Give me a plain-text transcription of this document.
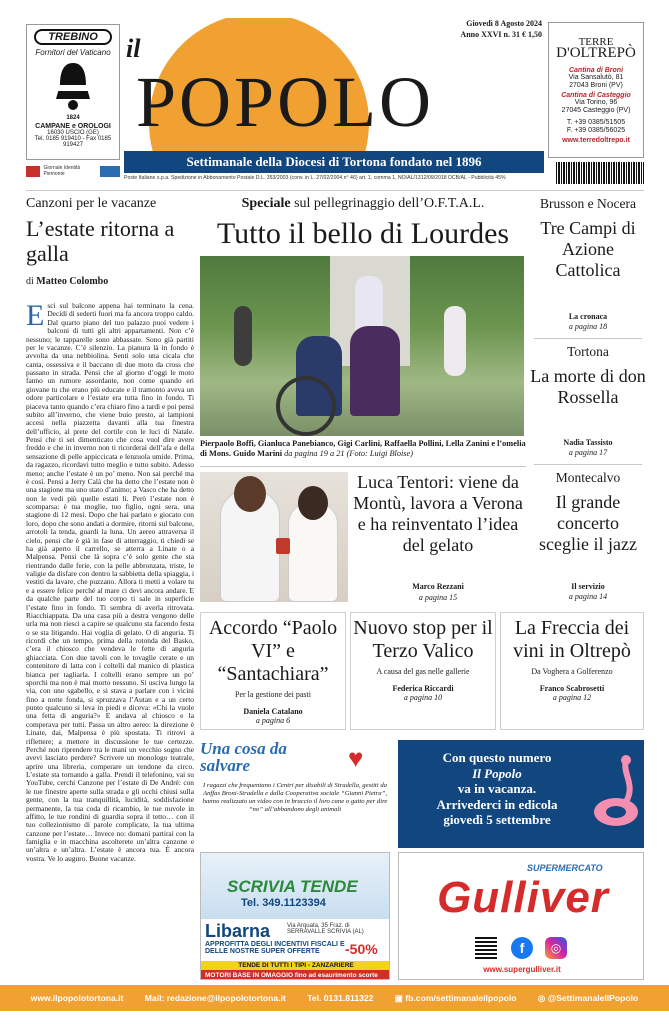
TREBINO
Fornitori del Vaticano
1824
CAMPANE e OROLOGI
16030 USCIO (GE)
Tel. 0185 919410 - Fax 0185 919427
Giornale Identità Piemonte
il
POPOLO
Giovedì 8 Agosto 2024
Anno XXVI n. 31 € 1,50
Settimanale della Diocesi di Tortona fondato nel 1896
Poste Italiane s.p.a. Spedizione in Abbonamento Postale D.L. 353/2003 (conv. in L. 27/02/2004 n° 46) art. 1, comma 1, NO/AL/1312/09/2018 DCB/AL - Pubblicità 45%
TERRE
D'OLTREPÒ
Cantina di Broni
Via Sansalutò, 81
27043 Broni (PV)
Cantina di Casteggio
Via Torino, 96
27045 Casteggio (PV)
T. +39 0385/51505
F. +39 0385/56025
www.terredoltrepo.it
Canzoni per le vacanze
L’estate ritorna a galla
di Matteo Colombo
Esci sul balcone appena hai terminato la cena. Decidi di sederti fuori ma fa ancora troppo caldo. Dal quarto piano del tuo palazzo puoi vedere i balconi di tutti gli altri appartamenti. Non c’è nessuno; le tapparelle sono abbassate. Sono già partiti per le vacanze. C’è silenzio. La pianura là in fondo è avvolta da una nebbiolina. Senti solo una cicala che canta, ossessiva e il baccano di due moto da cross che passano in strada. Pensi che al giorno d’oggi le moto fanno un rumore assordante, non come quando eri giovane tu che erano più educate e il tramonto aveva un odore particolare e l’estate era tutta fino in fondo. Ti piaceva tanto quando c’era chiaro fino a tardi e poi pensi subito all’inverno, che viene buio presto, ai lampioni accesi nella piazzetta davanti alla tua finestra dell’ufficio, al prete del cortile con le luci di Natale. Pensi che ti sei dimenticato che cosa vuol dire avere freddo e che in inverno non ti ricorderai dell’afa e della sensazione di pelle appiccicata e lenzuola umide. Prima, da ragazzo, ricordavi tutto meglio e tutto subito. Adesso meno; anche l’estate è un po’ meno. Non sai perché ma è così. Pensi a Jerry Calà che ha detto che l’estate non è una stagione ma uno stato d’animo; a Vasco che ha detto non le vedi più quelle estati lì. Però l’estate non è scomparsa: è tua moglie, tuo figlio, ogni sera, una stagione di 12 mesi. Dopo che hai parlato e giocato con loro, dopo che sono andati a dormire, ritorni sul balcone, arrotoli la tenda, guardi la luna. Un aereo attraversa il cielo, pensi che è già in fase di atterraggio, ti chiedi se ha già aperto il carrello, se atterra a Linate o a Malpensa. Pensi che là sopra c’è solo gente che sta rientrando dalle ferie, con la pelle abbronzata, triste, le valigie da disfare con dentro la sabbietta della spiaggia, i vestiti da lavare, che puzzano. Allora ti metti a volare tu e a essere felice perché al mare ci devi ancora andare. E da qualche parte del tuo corpo ti sale in superficie l’estate fino in fondo. Ti sembra di averla ritrovata. Riacchiappata. Da una casa più a destra vengono delle urla ma non riesci a capire se qualcuno sta facendo festa o se sta litigando. Hai voglia di gelato. O di anguria. Ti ricordi che un tempo, prima della rotonda del Basko, c’era il chiosco che vendeva le fette di anguria ghiacciata. Con due tavoli con le tovaglie cerate e un contenitore di latta con i coltelli dal manico di plastica bianca per tagliarla. I coltelli erano sempre un po’ sporchi ma non è mai morto nessuno. Si usciva lungo la via, con uno sgabello, e si stava a parlare con i vicini fino a notte fonda, si spruzzava l’Autan e a un certo punto qualcuno si leva in piedi e diceva: «Chi la vuole una fetta di anguria?» E andava al chiosco e la comperava per tutti. Passa un altro aereo: la direzione è Linate, dai, Malpensa è più spostata. Ti ritrovi a riflettere; a mettere in discussione le tue certezze. Perché non riprendere tra le mani un vecchio sogno che avevi lasciato perdere? Scrivere un monologo teatrale, aprire una libreria, comperare un tendone da circo. L’estate sta tornando a galla. Prendi il telefonino, vai su YouTube, cerchi Canzone per l’estate di De André: con le tue finestre aperte sulla strada e gli occhi chiusi sulla gente, con la tua tranquillità, lucidità, soddisfazione permanente, la tua coda di ricambio, le tue nuvole in affitto, le tue rondini di guardia sopra il tetto… con il tuo collezionismo di parole complicate, la tua ultima canzone per l’estate… Invece no: domani partirai con la famiglia e in macchina ascolterete un’altra canzone e un’altra e un’altra. L’estate è ancora tua. È ancora vostra. Ve lo auguro. Buone vacanze.
Speciale sul pellegrinaggio dell’O.F.T.A.L.
Tutto il bello di Lourdes
Pierpaolo Boffi, Gianluca Panebianco, Gigi Carlini, Raffaella Pollini, Lella Zanini e l’omelia di Mons. Guido Marini da pagina 19 a 21 (Foto: Luigi Bloise)
Luca Tentori: viene da Montù, lavora a Verona e ha reinventato l’idea del gelato
Marco Rezzani
a pagina 15
Brusson e Nocera
Tre Campi di Azione Cattolica
La cronaca
a pagina 18
Tortona
La morte di don Rossella
Nadia Tassisto
a pagina 17
Montecalvo
Il grande concerto sceglie il jazz
Il servizio
a pagina 14
Accordo “Paolo VI” e “Santachiara”
Per la gestione dei pasti
Daniela Catalano
a pagina 6
Nuovo stop per il Terzo Valico
A causa del gas nelle gallerie
Federica Riccardi
a pagina 10
La Freccia dei vini in Oltrepò
Da Voghera a Golferenzo
Franco Scabrosetti
a pagina 12
Una cosa da salvare	♥
I ragazzi che frequentano i Centri per disabili di Stradella, gestiti da Anffas Broni-Stradella e dalla Cooperativa sociale “Gianni Pietra”, hanno realizzato un video con in braccio il loro cane o gatto per dire “no” all’abbandono degli animali
Con questo numero
Il Popolo
va in vacanza.
Arrivederci in edicola
giovedì 5 settembre
SCRIVIA TENDE
Tel. 349.1123394
Libarna	Via Arquata, 35 Fraz. di SERRAVALLE SCRIVIA (AL)
APPROFITTA DEGLI INCENTIVI FISCALI E DELLE NOSTRE SUPER OFFERTE	-50%
TENDE DI TUTTI I TIPI - ZANZARIERE
MOTORI BASE IN OMAGGIO fino ad esaurimento scorte
SUPERMERCATO
Gulliver
f	◎
www.supergulliver.it
www.ilpopolotortona.it Mail: redazione@ilpopolotortona.it Tel. 0131.811322 ▣ fb.com/settimanaleilpopolo ◎ @SettimanaleIlPopolo
